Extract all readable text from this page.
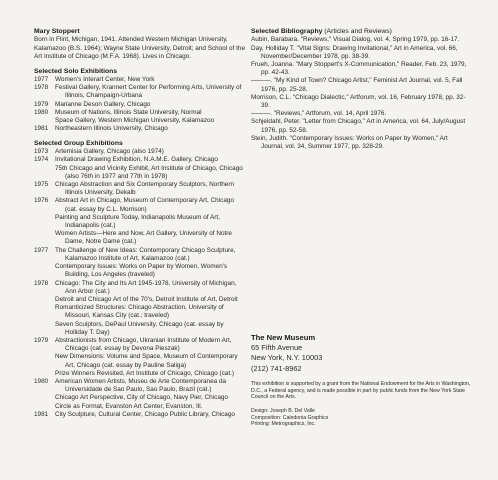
Mary Stoppert

Born in Flint, Michigan, 1941. Attended Western Michigan University, Kalamazoo (B.S. 1964); Wayne State University, Detroit; and School of the Art Institute of Chicago (M.F.A. 1968). Lives in Chicago.

Selected Solo Exhibitions
1977	Women's Interart Center, New York
1978	Festival Gallery, Krannert Center for Performing Arts, University of Illinois, Champaign-Urbana
1979	Marianne Deson Gallery, Chicago
1980	Museum of Nations, Illinois State University, Normal
Space Gallery, Western Michigan University, Kalamazoo
1981	Northeastern Illinois University, Chicago
Selected Group Exhibitions
1973	Artemisia Gallery, Chicago (also 1974)
1974	Invitational Drawing Exhibition, N.A.M.E. Gallery, Chicago
75th Chicago and Vicinity Exhibit, Art Institute of Chicago, Chicago (also 76th in 1977 and 77th in 1978)
1975	Chicago Abstraction and Six Contemporary Sculptors, Northern Illinois University, Dekalb
1976	Abstract Art in Chicago, Museum of Contemporary Art, Chicago (cat. essay by C.L. Morrison)
Painting and Sculpture Today, Indianapolis Museum of Art, Indianapolis (cat.)
Women Artists—Here and Now, Art Gallery, University of Notre Dame, Notre Dame (cat.)
1977	The Challenge of New Ideas: Contemporary Chicago Sculpture, Kalamazoo Institute of Art, Kalamazoo (cat.)
Contemporary Issues: Works on Paper by Women, Women's Building, Los Angeles (traveled)
1978	Chicago: The City and Its Art 1945-1978, University of Michigan, Ann Arbor (cat.)
Detroit and Chicago Art of the 70's, Detroit Institute of Art, Detroit
Romanticized Structures: Chicago Abstraction, University of Missouri, Kansas City (cat.; traveled)
Seven Sculptors, DePaul University, Chicago (cat. essay by Holliday T. Day)
1979	Abstractionists from Chicago, Ukranian Institute of Modern Art, Chicago (cat. essay by Devona Pieszak)
New Dimensions: Volume and Space, Museum of Contemporary Art, Chicago (cat. essay by Pauline Saliga)
Prize Winners Revisited, Art Institute of Chicago, Chicago (cat.)
1980	American Women Artists, Museu de Arte Contemporanea da Universidade de Sao Paulo, Sao Paulo, Brazil (cat.)
Chicago Art Perspective, City of Chicago, Navy Pier, Chicago
Circle as Format, Evanston Art Center, Evanston, Ill.
1981	City Sculpture, Cultural Center, Chicago Public Library, Chicago
Selected Bibliography (Articles and Reviews)
Aubin, Barabara. "Reviews," Visual Dialog, vol. 4, Spring 1979, pp. 16-17.
Day, Holliday T. "Vital Signs: Drawing Invitational," Art in America, vol. 66, November/December 1978, pp. 38-39.
Frueh, Joanna. "Mary Stoppert's X-Communication," Reader, Feb. 23, 1979, pp. 42-43.
———. "My Kind of Town? Chicago Artist," Feminist Art Journal, vol. 5, Fall 1976, pp. 25-28.
Morrison, C.L. "Chicago Dialectic," Artforum, vol. 16, February 1978, pp. 32-39.
———. "Reviews," Artforum, vol. 14, April 1976.
Schjeldahl, Peter. "Letter from Chicago," Art in America, vol. 64, July/August 1976, pp. 52-58.
Stein, Judith. "Contemporary Issues: Works on Paper by Women," Art Journal, vol. 34, Summer 1977, pp. 328-29.
The New Museum
65 Fifth Avenue
New York, N.Y. 10003
(212) 741-8962
This exhibition is supported by a grant from the National Endowment for the Arts in Washington, D.C., a Federal agency, and is made possible in part by public funds from the New York State Council on the Arts.
Design: Joseph B. Del Valle
Composition: Caledonia Graphics
Printing: Metrographics, Inc.
